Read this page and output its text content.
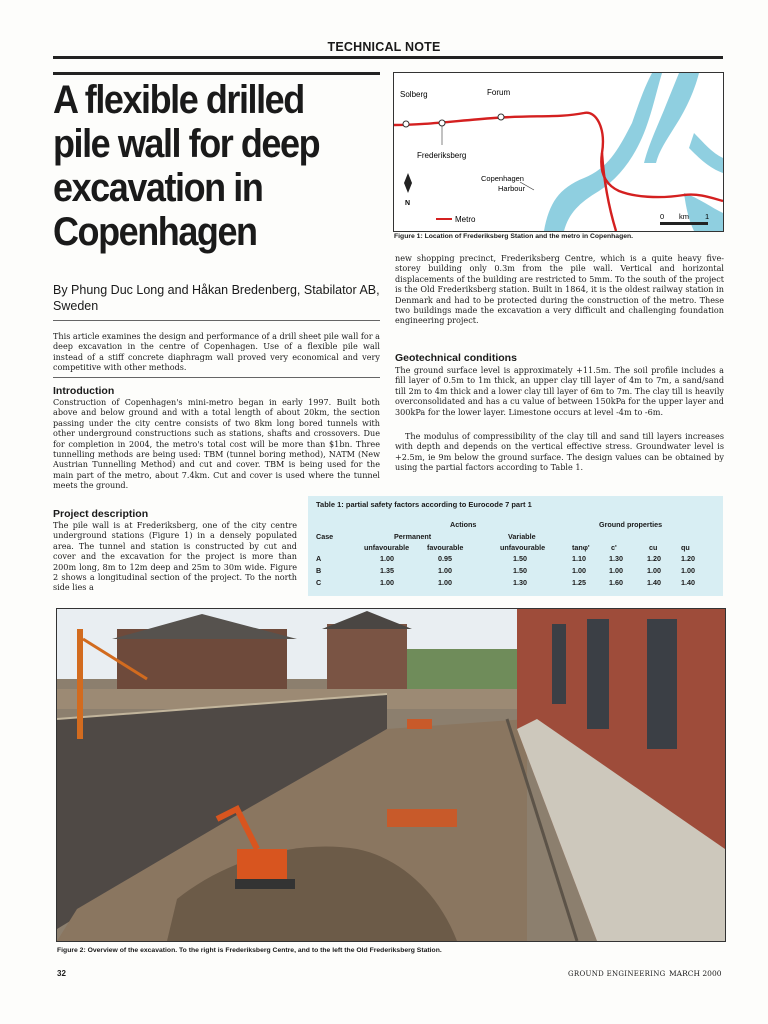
TECHNICAL NOTE
A flexible drilled pile wall for deep excavation in Copenhagen
By Phung Duc Long and Håkan Bredenberg, Stabilator AB, Sweden
This article examines the design and performance of a drill sheet pile wall for a deep excavation in the centre of Copenhagen. Use of a flexible pile wall instead of a stiff concrete diaphragm wall proved very economical and very competitive with other methods.
Introduction
Construction of Copenhagen's mini-metro began in early 1997. Built both above and below ground and with a total length of about 20km, the section passing under the city centre consists of two 8km long bored tunnels with other underground constructions such as stations, shafts and crossovers. Due for completion in 2004, the metro's total cost will be more than $1bn. Three tunnelling methods are being used: TBM (tunnel boring method), NATM (New Austrian Tunnelling Method) and cut and cover. TBM is being used for the main part of the metro, about 7.4km. Cut and cover is used where the tunnel meets the ground.
Project description
The pile wall is at Frederiksberg, one of the city centre underground stations (Figure 1) in a densely populated area. The tunnel and station is constructed by cut and cover and the excavation for the project is more than 200m long, 8m to 12m deep and 25m to 30m wide. Figure 2 shows a longitudinal section of the project. To the north side lies a
Solberg	Forum
Frederiksberg
Copenhagen
Harbour
N
Metro	0 km 1
Figure 1: Location of Frederiksberg Station and the metro in Copenhagen.
new shopping precinct, Frederiksberg Centre, which is a quite heavy five-storey building only 0.3m from the pile wall. Vertical and horizontal displacements of the building are restricted to 5mm. To the south of the project is the Old Frederiksberg station. Built in 1864, it is the oldest railway station in Denmark and had to be protected during the construction of the metro. These two buildings made the excavation a very difficult and challenging foundation engineering project.
Geotechnical conditions
The ground surface level is approximately +11.5m. The soil profile includes a fill layer of 0.5m to 1m thick, an upper clay till layer of 4m to 7m, a sand/sand till 2m to 4m thick and a lower clay till layer of 6m to 7m. The clay till is heavily overconsolidated and has a cu value of between 150kPa for the upper layer and 300kPa for the lower layer. Limestone occurs at level -4m to -6m.
The modulus of compressibility of the clay till and sand till layers increases with depth and depends on the vertical effective stress. Groundwater level is +2.5m, ie 9m below the ground surface. The design values can be obtained by using the partial factors according to Table 1.
Table 1: partial safety factors according to Eurocode 7 part 1
Actions	Ground properties
Permanent	Variable
Case
unfavourable favourable	unfavourable	tanφ'	c'	cu	qu
A	1.00	0.95	1.50	1.10	1.30	1.20	1.20
B	1.35	1.00	1.50	1.00	1.00	1.00	1.00
C	1.00	1.00	1.30	1.25	1.60	1.40	1.40
Figure 2: Overview of the excavation. To the right is Frederiksberg Centre, and to the left the Old Frederiksberg Station.
32	GROUND ENGINEERING MARCH 2000
